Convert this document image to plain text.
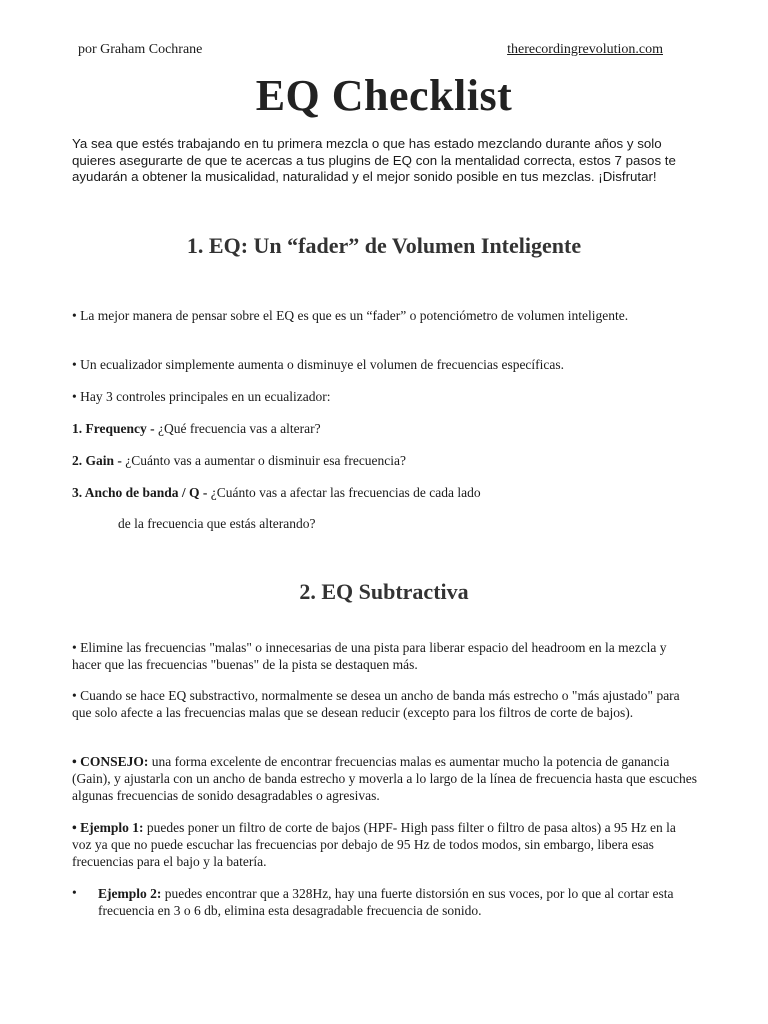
por Graham Cochrane	therecordingrevolution.com
EQ Checklist

Ya sea que estés trabajando en tu primera mezcla o que has estado mezclando durante años y solo quieres asegurarte de que te acercas a tus plugins de EQ con la mentalidad correcta, estos 7 pasos te ayudarán a obtener la musicalidad, naturalidad y el mejor sonido posible en tus mezclas. ¡Disfrutar!

1. EQ: Un “fader” de Volumen Inteligente

• La mejor manera de pensar sobre el EQ es que es un “fader” o potenciómetro de volumen inteligente.

• Un ecualizador simplemente aumenta o disminuye el volumen de frecuencias específicas.

• Hay 3 controles principales en un ecualizador:

1. Frequency - ¿Qué frecuencia vas a alterar?

2. Gain - ¿Cuánto vas a aumentar o disminuir esa frecuencia?

3. Ancho de banda / Q - ¿Cuánto vas a afectar las frecuencias de cada lado

de la frecuencia que estás alterando?

2. EQ Subtractiva

• Elimine las frecuencias "malas" o innecesarias de una pista para liberar espacio del headroom en la mezcla y hacer que las frecuencias "buenas" de la pista se destaquen más.

• Cuando se hace EQ substractivo, normalmente se desea un ancho de banda más estrecho o "más ajustado" para que solo afecte a las frecuencias malas que se desean reducir (excepto para los filtros de corte de bajos).

• CONSEJO: una forma excelente de encontrar frecuencias malas es aumentar mucho la potencia de ganancia (Gain), y ajustarla con un ancho de banda estrecho y moverla a lo largo de la línea de frecuencia hasta que escuches algunas frecuencias de sonido desagradables o agresivas.

• Ejemplo 1: puedes poner un filtro de corte de bajos (HPF- High pass filter o filtro de pasa altos) a 95 Hz en la voz ya que no puede escuchar las frecuencias por debajo de 95 Hz de todos modos, sin embargo, libera esas frecuencias para el bajo y la batería.

• Ejemplo 2: puedes encontrar que a 328Hz, hay una fuerte distorsión en sus voces, por lo que al cortar esta frecuencia en 3 o 6 db, elimina esta desagradable frecuencia de sonido.
